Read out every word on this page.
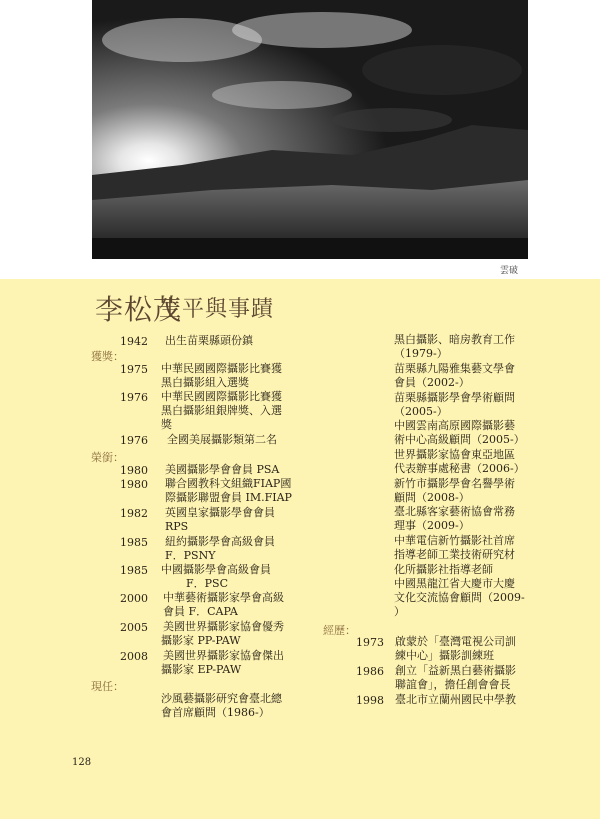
雲破
李松茂
生平與事蹟
1942 出生苗栗縣頭份鎮
獲獎：
1975 中華民國國際攝影比賽獲
黑白攝影組入選獎
1976 中華民國國際攝影比賽獲
黑白攝影組銀牌獎、入選
獎
1976 全國美展攝影類第二名
榮銜：
1980 美國攝影學會會員 PSA
1980 聯合國教科文組織FIAP國
際攝影聯盟會員 IM.FIAP
1982 英國皇家攝影學會會員
RPS
1985 紐約攝影學會高級會員
F．PSNY
1985 中國攝影學會高級會員
F．PSC
2000 中華藝術攝影家學會高級
會員 F．CAPA
2005 美國世界攝影家協會優秀
攝影家 PP-PAW
2008 美國世界攝影家協會傑出
攝影家 EP-PAW
現任：
沙風藝攝影研究會臺北總
會首席顧問（1986-）
黑白攝影、暗房教育工作
（1979-）
苗栗縣九陽雅集藝文學會
會員（2002-）
苗栗縣攝影學會學術顧問
（2005-）
中國雲南高原國際攝影藝
術中心高級顧問（2005-）
世界攝影家協會東亞地區
代表辦事處秘書（2006-）
新竹市攝影學會名譽學術
顧問（2008-）
臺北縣客家藝術協會常務
理事（2009-）
中華電信新竹攝影社首席
指導老師工業技術研究材
化所攝影社指導老師
中國黑龍江省大慶市大慶
文化交流協會顧問（2009-
）
經歷：
1973 啟蒙於「臺灣電視公司訓
練中心」攝影訓練班
1986 創立「益新黑白藝術攝影
聯誼會」，擔任創會會長
1998 臺北市立蘭州國民中學教
128
